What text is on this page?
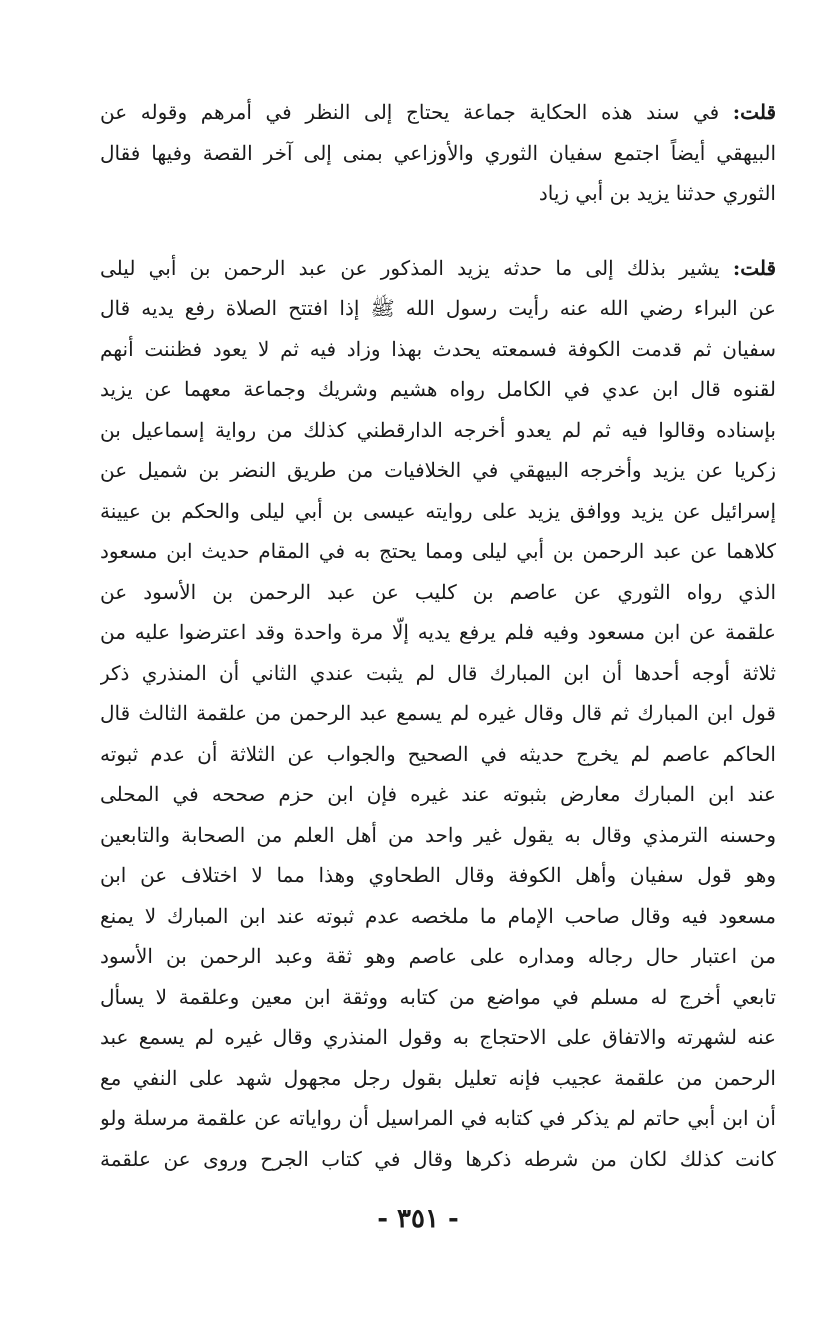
قلت: في سند هذه الحكاية جماعة يحتاج إلى النظر في أمرهم وقوله عن
البيهقي أيضاً اجتمع سفيان الثوري والأوزاعي بمنى إلى آخر القصة وفيها فقال
الثوري حدثنا يزيد بن أبي زياد

قلت: يشير بذلك إلى ما حدثه يزيد المذكور عن عبد الرحمن بن أبي ليلى
عن البراء رضي الله عنه رأيت رسول الله ﷺ إذا افتتح الصلاة رفع يديه قال
سفيان ثم قدمت الكوفة فسمعته يحدث بهذا وزاد فيه ثم لا يعود فظننت أنهم
لقنوه قال ابن عدي في الكامل رواه هشيم وشريك وجماعة معهما عن يزيد
بإسناده وقالوا فيه ثم لم يعدو أخرجه الدارقطني كذلك من رواية إسماعيل بن
زكريا عن يزيد وأخرجه البيهقي في الخلافيات من طريق النضر بن شميل عن
إسرائيل عن يزيد ووافق يزيد على روايته عيسى بن أبي ليلى والحكم بن عيينة
كلاهما عن عبد الرحمن بن أبي ليلى ومما يحتج به في المقام حديث ابن مسعود
الذي رواه الثوري عن عاصم بن كليب عن عبد الرحمن بن الأسود عن
علقمة عن ابن مسعود وفيه فلم يرفع يديه إلّا مرة واحدة وقد اعترضوا عليه من
ثلاثة أوجه أحدها أن ابن المبارك قال لم يثبت عندي الثاني أن المنذري ذكر
قول ابن المبارك ثم قال وقال غيره لم يسمع عبد الرحمن من علقمة الثالث قال
الحاكم عاصم لم يخرج حديثه في الصحيح والجواب عن الثلاثة أن عدم ثبوته
عند ابن المبارك معارض بثبوته عند غيره فإن ابن حزم صححه في المحلى
وحسنه الترمذي وقال به يقول غير واحد من أهل العلم من الصحابة والتابعين
وهو قول سفيان وأهل الكوفة وقال الطحاوي وهذا مما لا اختلاف عن ابن
مسعود فيه وقال صاحب الإمام ما ملخصه عدم ثبوته عند ابن المبارك لا يمنع
من اعتبار حال رجاله ومداره على عاصم وهو ثقة وعبد الرحمن بن الأسود
تابعي أخرج له مسلم في مواضع من كتابه ووثقة ابن معين وعلقمة لا يسأل
عنه لشهرته والاتفاق على الاحتجاج به وقول المنذري وقال غيره لم يسمع عبد
الرحمن من علقمة عجيب فإنه تعليل بقول رجل مجهول شهد على النفي مع
أن ابن أبي حاتم لم يذكر في كتابه في المراسيل أن رواياته عن علقمة مرسلة ولو
كانت كذلك لكان من شرطه ذكرها وقال في كتاب الجرح وروى عن علقمة

- ٣٥١ -
